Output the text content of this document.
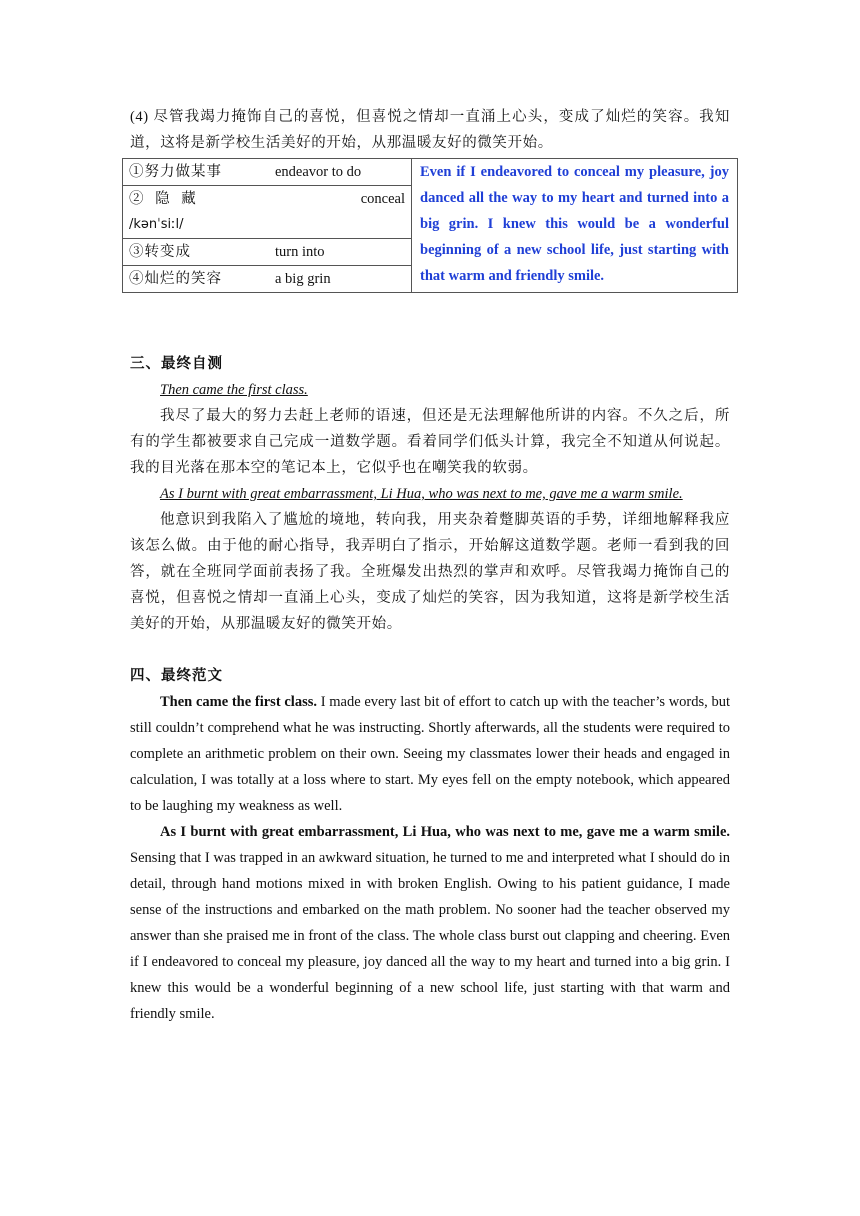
(4) 尽管我竭力掩饰自己的喜悦，但喜悦之情却一直涌上心头，变成了灿烂的笑容。我知道，这将是新学校生活美好的开始，从那温暖友好的微笑开始。

①努力做某事	endeavor to do
② 隐 藏	conceal
/kənˈsiːl/
③转变成	turn into
④灿烂的笑容	a big grin
	Even if I endeavored to conceal my pleasure, joy danced all the way to my heart and turned into a big grin. I knew this would be a wonderful beginning of a new school life, just starting with that warm and friendly smile.

三、最终自测

Then came the first class.

我尽了最大的努力去赶上老师的语速，但还是无法理解他所讲的内容。不久之后，所有的学生都被要求自己完成一道数学题。看着同学们低头计算，我完全不知道从何说起。我的目光落在那本空的笔记本上，它似乎也在嘲笑我的软弱。

As I burnt with great embarrassment, Li Hua, who was next to me, gave me a warm smile.

他意识到我陷入了尴尬的境地，转向我，用夹杂着蹩脚英语的手势，详细地解释我应该怎么做。由于他的耐心指导，我弄明白了指示，开始解这道数学题。老师一看到我的回答，就在全班同学面前表扬了我。全班爆发出热烈的掌声和欢呼。尽管我竭力掩饰自己的喜悦，但喜悦之情却一直涌上心头，变成了灿烂的笑容，因为我知道，这将是新学校生活美好的开始，从那温暖友好的微笑开始。

四、最终范文

Then came the first class. I made every last bit of effort to catch up with the teacher’s words, but still couldn’t comprehend what he was instructing. Shortly afterwards, all the students were required to complete an arithmetic problem on their own. Seeing my classmates lower their heads and engaged in calculation, I was totally at a loss where to start. My eyes fell on the empty notebook, which appeared to be laughing my weakness as well.

As I burnt with great embarrassment, Li Hua, who was next to me, gave me a warm smile. Sensing that I was trapped in an awkward situation, he turned to me and interpreted what I should do in detail, through hand motions mixed in with broken English. Owing to his patient guidance, I made sense of the instructions and embarked on the math problem. No sooner had the teacher observed my answer than she praised me in front of the class. The whole class burst out clapping and cheering. Even if I endeavored to conceal my pleasure, joy danced all the way to my heart and turned into a big grin. I knew this would be a wonderful beginning of a new school life, just starting with that warm and friendly smile.
